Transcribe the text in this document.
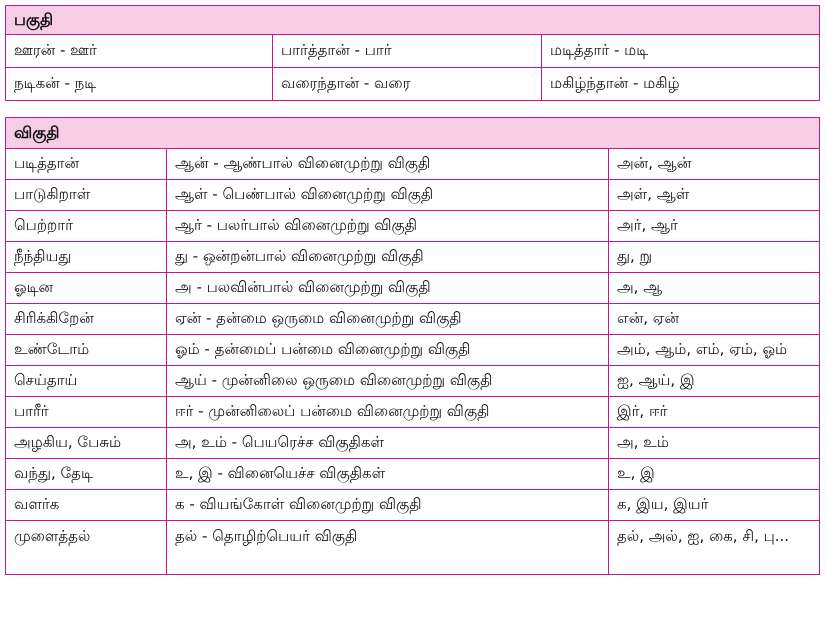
பகுதி		
ஊரன் - ஊர்	பார்த்தான் - பார்	மடித்தார் - மடி
நடிகன் - நடி	வரைந்தான் - வரை	மகிழ்ந்தான் - மகிழ்
விகுதி		
படித்தான்	ஆன் - ஆண்பால் வினைமுற்று விகுதி	அன், ஆன்
பாடுகிறாள்	ஆள் - பெண்பால் வினைமுற்று விகுதி	அள், ஆள்
பெற்றார்	ஆர் - பலர்பால் வினைமுற்று விகுதி	அர், ஆர்
நீந்தியது	து - ஒன்றன்பால் வினைமுற்று விகுதி	து, று
ஓடின	அ - பலவின்பால் வினைமுற்று விகுதி	அ, ஆ
சிரிக்கிறேன்	ஏன் - தன்மை ஒருமை வினைமுற்று விகுதி	என், ஏன்
உண்டோம்	ஓம் - தன்மைப் பன்மை வினைமுற்று விகுதி	அம், ஆம், எம், ஏம், ஓம்
செய்தாய்	ஆய் - முன்னிலை ஒருமை வினைமுற்று விகுதி	ஐ, ஆய், இ
பாரீர்	ஈர் - முன்னிலைப் பன்மை வினைமுற்று விகுதி	இர், ஈர்
அழகிய, பேசும்	அ, உம் - பெயரெச்ச விகுதிகள்	அ, உம்
வந்து, தேடி	உ, இ - வினையெச்ச விகுதிகள்	உ, இ
வளர்க	க - வியங்கோள் வினைமுற்று விகுதி	க, இய, இயர்
முளைத்தல்	தல் - தொழிற்பெயர் விகுதி	தல், அல், ஐ, கை, சி, பு...
